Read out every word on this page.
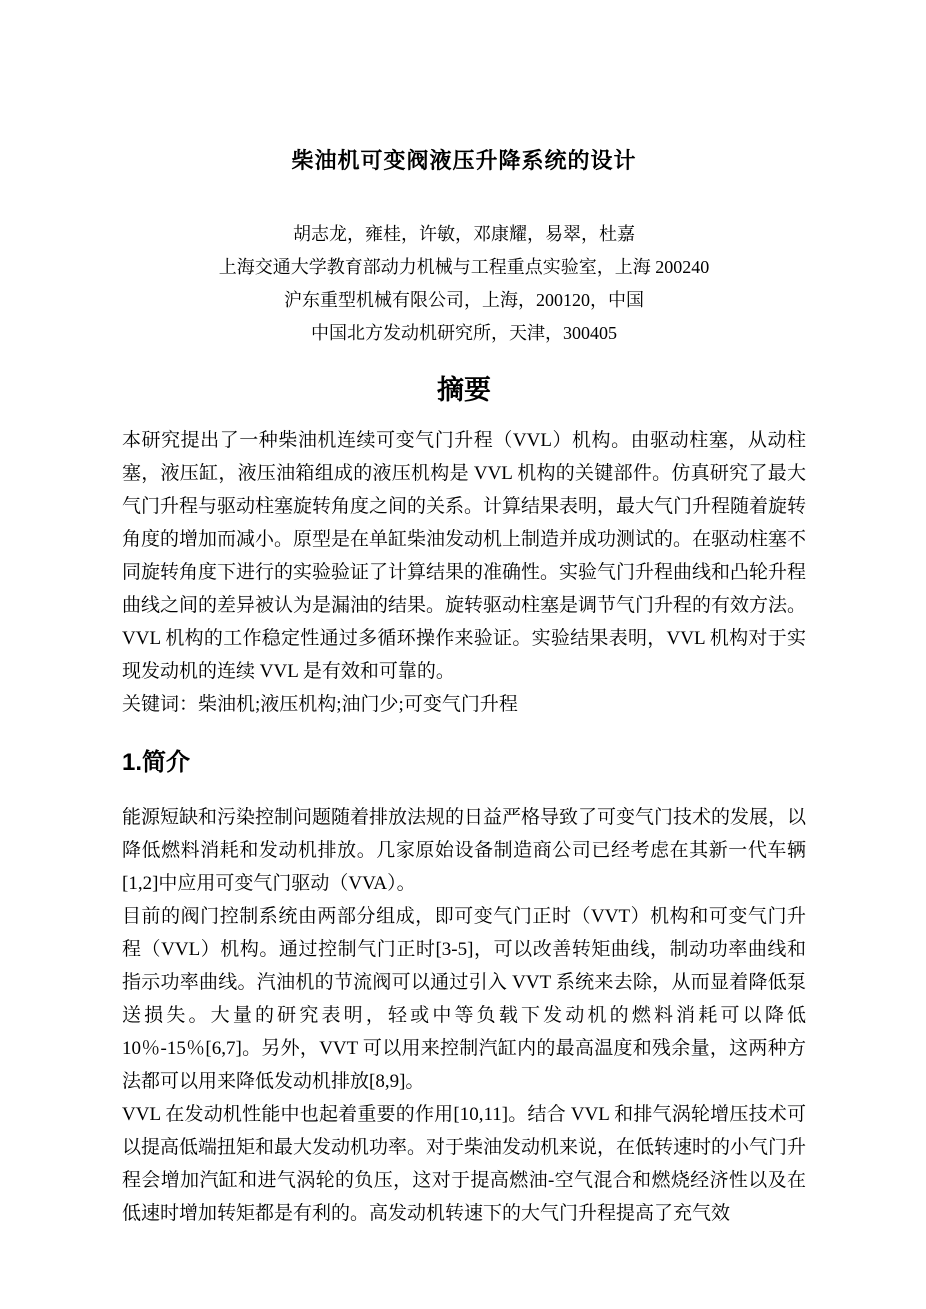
柴油机可变阀液压升降系统的设计

胡志龙，雍桂，许敏，邓康耀，易翠，杜嘉

上海交通大学教育部动力机械与工程重点实验室，上海 200240

沪东重型机械有限公司，上海，200120，中国

中国北方发动机研究所，天津，300405

摘要

本研究提出了一种柴油机连续可变气门升程（VVL）机构。由驱动柱塞，从动柱塞，液压缸，液压油箱组成的液压机构是 VVL 机构的关键部件。仿真研究了最大气门升程与驱动柱塞旋转角度之间的关系。计算结果表明，最大气门升程随着旋转角度的增加而减小。原型是在单缸柴油发动机上制造并成功测试的。在驱动柱塞不同旋转角度下进行的实验验证了计算结果的准确性。实验气门升程曲线和凸轮升程曲线之间的差异被认为是漏油的结果。旋转驱动柱塞是调节气门升程的有效方法。 VVL 机构的工作稳定性通过多循环操作来验证。实验结果表明，VVL 机构对于实现发动机的连续 VVL 是有效和可靠的。

关键词：柴油机;液压机构;油门少;可变气门升程

1.简介

能源短缺和污染控制问题随着排放法规的日益严格导致了可变气门技术的发展，以降低燃料消耗和发动机排放。几家原始设备制造商公司已经考虑在其新一代车辆[1,2]中应用可变气门驱动（VVA）。

目前的阀门控制系统由两部分组成，即可变气门正时（VVT）机构和可变气门升程（VVL）机构。通过控制气门正时[3-5]，可以改善转矩曲线，制动功率曲线和指示功率曲线。汽油机的节流阀可以通过引入 VVT 系统来去除，从而显着降低泵送损失。大量的研究表明，轻或中等负载下发动机的燃料消耗可以降低 10％-15％[6,7]。另外，VVT 可以用来控制汽缸内的最高温度和残余量，这两种方法都可以用来降低发动机排放[8,9]。

VVL 在发动机性能中也起着重要的作用[10,11]。结合 VVL 和排气涡轮增压技术可以提高低端扭矩和最大发动机功率。对于柴油发动机来说，在低转速时的小气门升程会增加汽缸和进气涡轮的负压，这对于提高燃油-空气混合和燃烧经济性以及在低速时增加转矩都是有利的。高发动机转速下的大气门升程提高了充气效
